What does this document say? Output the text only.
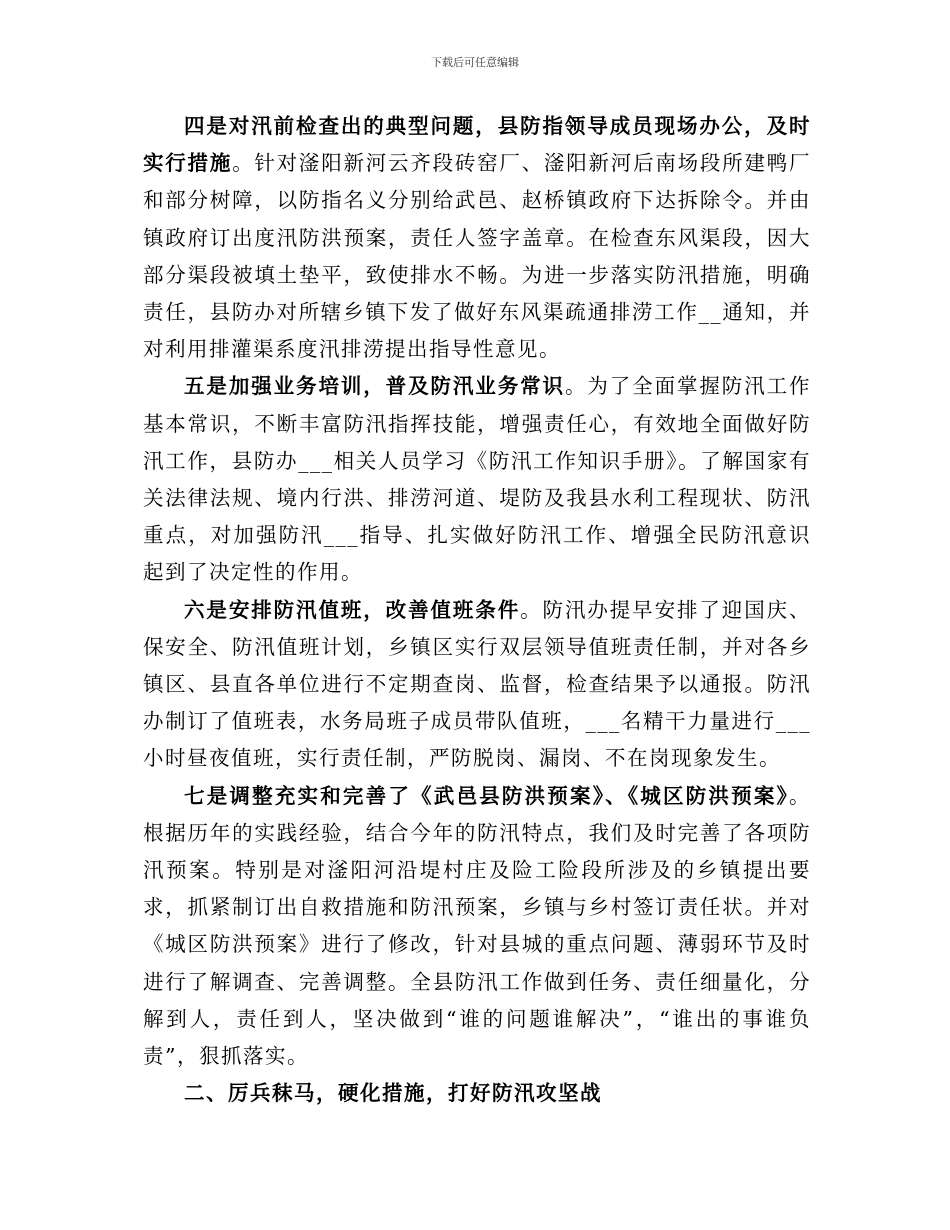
下载后可任意编辑

四是对汛前检查出的典型问题，县防指领导成员现场办公，及时实行措施。针对滏阳新河云齐段砖窑厂、滏阳新河后南场段所建鸭厂和部分树障，以防指名义分别给武邑、赵桥镇政府下达拆除令。并由镇政府订出度汛防洪预案，责任人签字盖章。在检查东风渠段，因大部分渠段被填土垫平，致使排水不畅。为进一步落实防汛措施，明确责任，县防办对所辖乡镇下发了做好东风渠疏通排涝工作__通知，并对利用排灌渠系度汛排涝提出指导性意见。

五是加强业务培训，普及防汛业务常识。为了全面掌握防汛工作基本常识，不断丰富防汛指挥技能，增强责任心，有效地全面做好防汛工作，县防办___相关人员学习《防汛工作知识手册》。了解国家有关法律法规、境内行洪、排涝河道、堤防及我县水利工程现状、防汛重点，对加强防汛___指导、扎实做好防汛工作、增强全民防汛意识起到了决定性的作用。

六是安排防汛值班，改善值班条件。防汛办提早安排了迎国庆、保安全、防汛值班计划，乡镇区实行双层领导值班责任制，并对各乡镇区、县直各单位进行不定期查岗、监督，检查结果予以通报。防汛办制订了值班表，水务局班子成员带队值班，___名精干力量进行___小时昼夜值班，实行责任制，严防脱岗、漏岗、不在岗现象发生。

七是调整充实和完善了《武邑县防洪预案》、《城区防洪预案》。根据历年的实践经验，结合今年的防汛特点，我们及时完善了各项防汛预案。特别是对滏阳河沿堤村庄及险工险段所涉及的乡镇提出要求，抓紧制订出自救措施和防汛预案，乡镇与乡村签订责任状。并对《城区防洪预案》进行了修改，针对县城的重点问题、薄弱环节及时进行了解调查、完善调整。全县防汛工作做到任务、责任细量化，分解到人，责任到人，坚决做到“谁的问题谁解决”，“谁出的事谁负责”，狠抓落实。

二、厉兵秣马，硬化措施，打好防汛攻坚战
